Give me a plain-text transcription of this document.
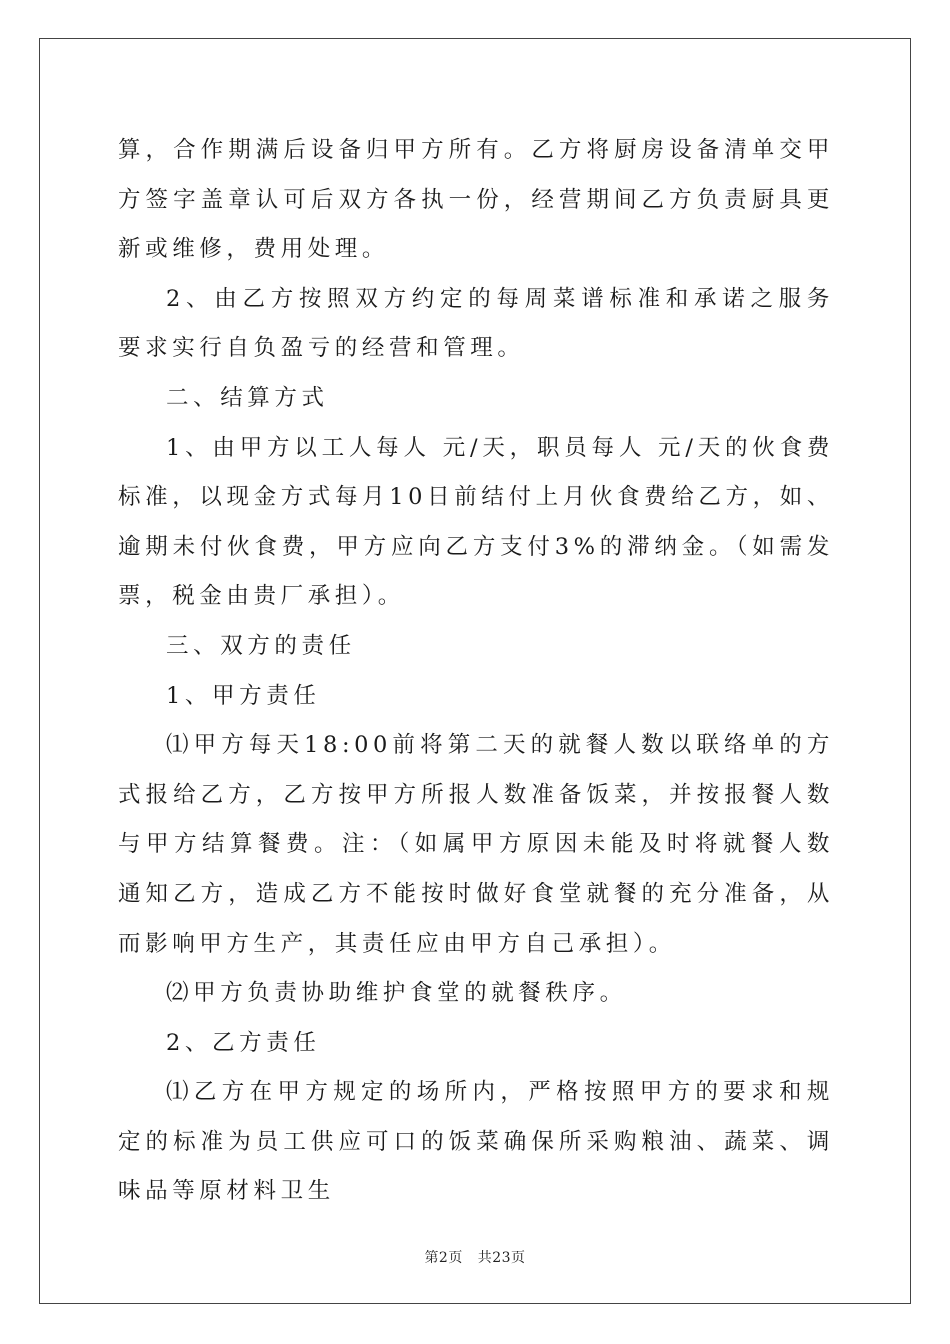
算，合作期满后设备归甲方所有。乙方将厨房设备清单交甲方签字盖章认可后双方各执一份，经营期间乙方负责厨具更新或维修，费用处理。

2、由乙方按照双方约定的每周菜谱标准和承诺之服务要求实行自负盈亏的经营和管理。

二、结算方式

1、由甲方以工人每人 元/天，职员每人 元/天的伙食费标准，以现金方式每月10日前结付上月伙食费给乙方，如、逾期未付伙食费，甲方应向乙方支付3%的滞纳金。（如需发票，税金由贵厂承担）。

三、双方的责任

1、甲方责任

⑴甲方每天18:00前将第二天的就餐人数以联络单的方式报给乙方，乙方按甲方所报人数准备饭菜，并按报餐人数与甲方结算餐费。注：（如属甲方原因未能及时将就餐人数通知乙方，造成乙方不能按时做好食堂就餐的充分准备，从而影响甲方生产，其责任应由甲方自己承担）。

⑵甲方负责协助维护食堂的就餐秩序。

2、乙方责任

⑴乙方在甲方规定的场所内，严格按照甲方的要求和规定的标准为员工供应可口的饭菜确保所采购粮油、蔬菜、调味品等原材料卫生

第2页 共23页
